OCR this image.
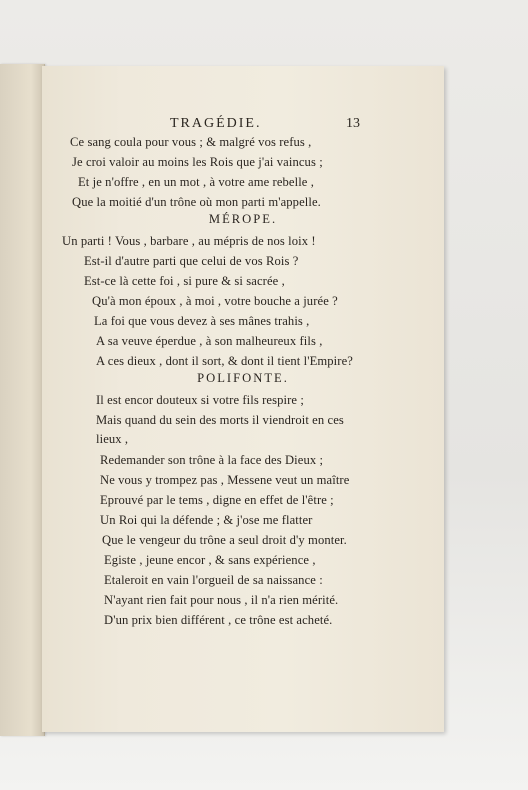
TRAGÉDIE.	13
Ce sang coula pour vous ; & malgré vos refus ,
Je croi valoir au moins les Rois que j'ai vaincus ;
Et je n'offre , en un mot , à votre ame rebelle ,
Que la moitié d'un trône où mon parti m'appelle.
MÉROPE.
Un parti ! Vous , barbare , au mépris de nos loix !
Est-il d'autre parti que celui de vos Rois ?
Est-ce là cette foi , si pure & si sacrée ,
Qu'à mon époux , à moi , votre bouche a jurée ?
La foi que vous devez à ses mânes trahis ,
A sa veuve éperdue , à son malheureux fils ,
A ces dieux , dont il sort, & dont il tient l'Empire?
POLIFONTE.
Il est encor douteux si votre fils respire ;
Mais quand du sein des morts il viendroit en ces
lieux ,
Redemander son trône à la face des Dieux ;
Ne vous y trompez pas , Messene veut un maître
Eprouvé par le tems , digne en effet de l'être ;
Un Roi qui la défende ; & j'ose me flatter
Que le vengeur du trône a seul droit d'y monter.
Egiste , jeune encor , & sans expérience ,
Etaleroit en vain l'orgueil de sa naissance :
N'ayant rien fait pour nous , il n'a rien mérité.
D'un prix bien différent , ce trône est acheté.
